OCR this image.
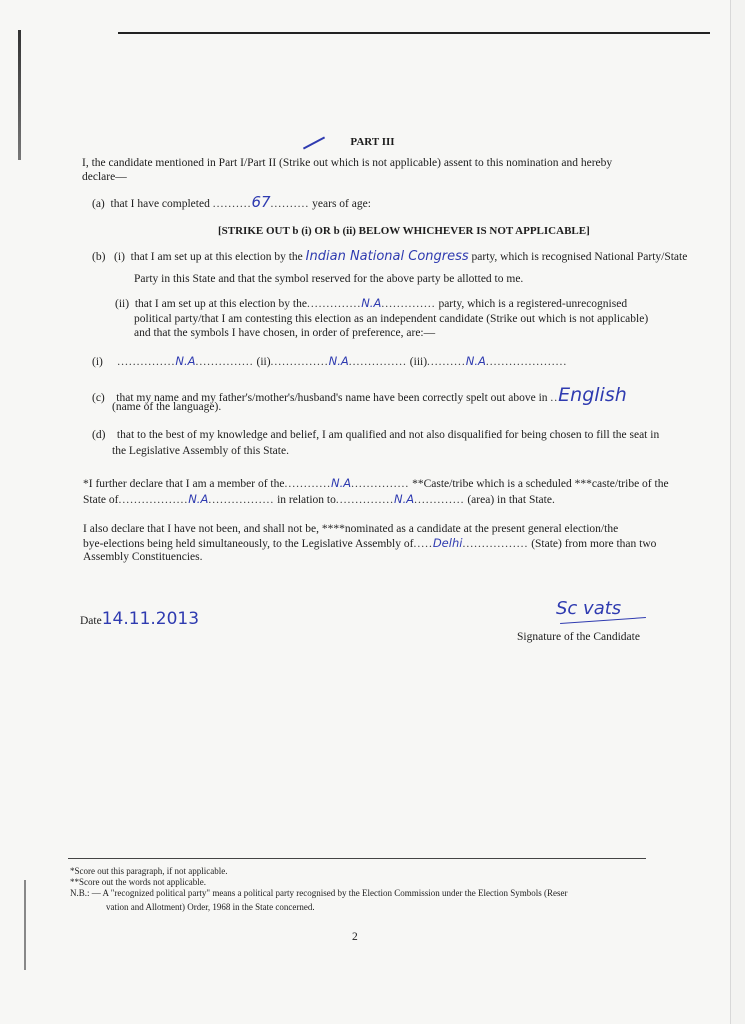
PART III
I, the candidate mentioned in Part I/Part II (Strike out which is not applicable) assent to this nomination and hereby
declare—
(a) that I have completed ..........67.......... years of age:
[STRIKE OUT b (i) OR b (ii) BELOW WHICHEVER IS NOT APPLICABLE]
(b) (i) that I am set up at this election by the Indian National Congress party, which is recognised National Party/State
Party in this State and that the symbol reserved for the above party be allotted to me.
(ii) that I am set up at this election by the..............N.A.............. party, which is a registered-unrecognised
political party/that I am contesting this election as an independent candidate (Strike out which is not applicable)
and that the symbols I have chosen, in order of preference, are:—
(i) ...............N.A............... (ii)...............N.A............... (iii)..........N.A.....................
(c) that my name and my father's/mother's/husband's name have been correctly spelt out above in ..English
(name of the language).
(d) that to the best of my knowledge and belief, I am qualified and not also disqualified for being chosen to fill the seat in
the Legislative Assembly of this State.
*I further declare that I am a member of the............N.A............... **Caste/tribe which is a scheduled ***caste/tribe of the
State of..................N.A................. in relation to...............N.A............. (area) in that State.
I also declare that I have not been, and shall not be, ****nominated as a candidate at the present general election/the
bye-elections being held simultaneously, to the Legislative Assembly of.....Delhi................. (State) from more than two
Assembly Constituencies.
Date14.11.2013	Sc vats
Signature of the Candidate
*Score out this paragraph, if not applicable.
**Score out the words not applicable.
N.B.: — A "recognized political party" means a political party recognised by the Election Commission under the Election Symbols (Reser
vation and Allotment) Order, 1968 in the State concerned.
2
